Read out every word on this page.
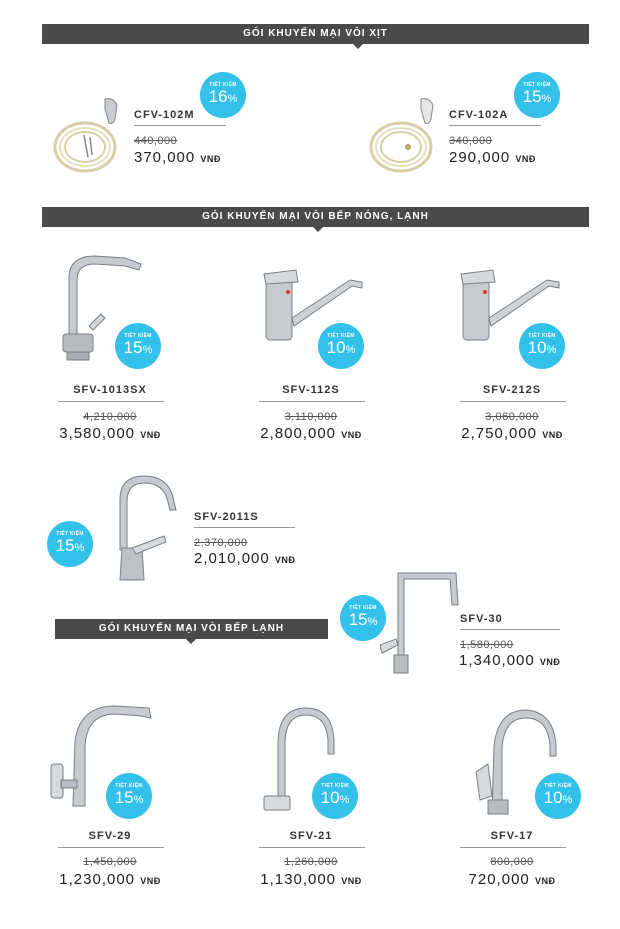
GÓI KHUYẾN MẠI VÒI XỊT
GÓI KHUYẾN MẠI VÒI BẾP NÓNG, LẠNH
GÓI KHUYẾN MẠI VÒI BẾP LẠNH
TIẾT KIỆM
16%
CFV-102M
440,000
370,000 VNĐ
TIẾT KIỆM
15%
CFV-102A
340,000
290,000 VNĐ
TIẾT KIỆM
15%
SFV-1013SX
4,210,000
3,580,000 VNĐ
TIẾT KIỆM
10%
SFV-112S
3,110,000
2,800,000 VNĐ
TIẾT KIỆM
10%
SFV-212S
3,060,000
2,750,000 VNĐ
TIẾT KIỆM
15%
SFV-2011S
2,370,000
2,010,000 VNĐ
TIẾT KIỆM
15%	SFV-30
1,580,000
1,340,000 VNĐ
TIẾT KIỆM
15%
SFV-29
1,450,000
1,230,000 VNĐ
TIẾT KIỆM
10%
SFV-21
1,260,000
1,130,000 VNĐ
TIẾT KIỆM
10%
SFV-17
800,000
720,000 VNĐ
